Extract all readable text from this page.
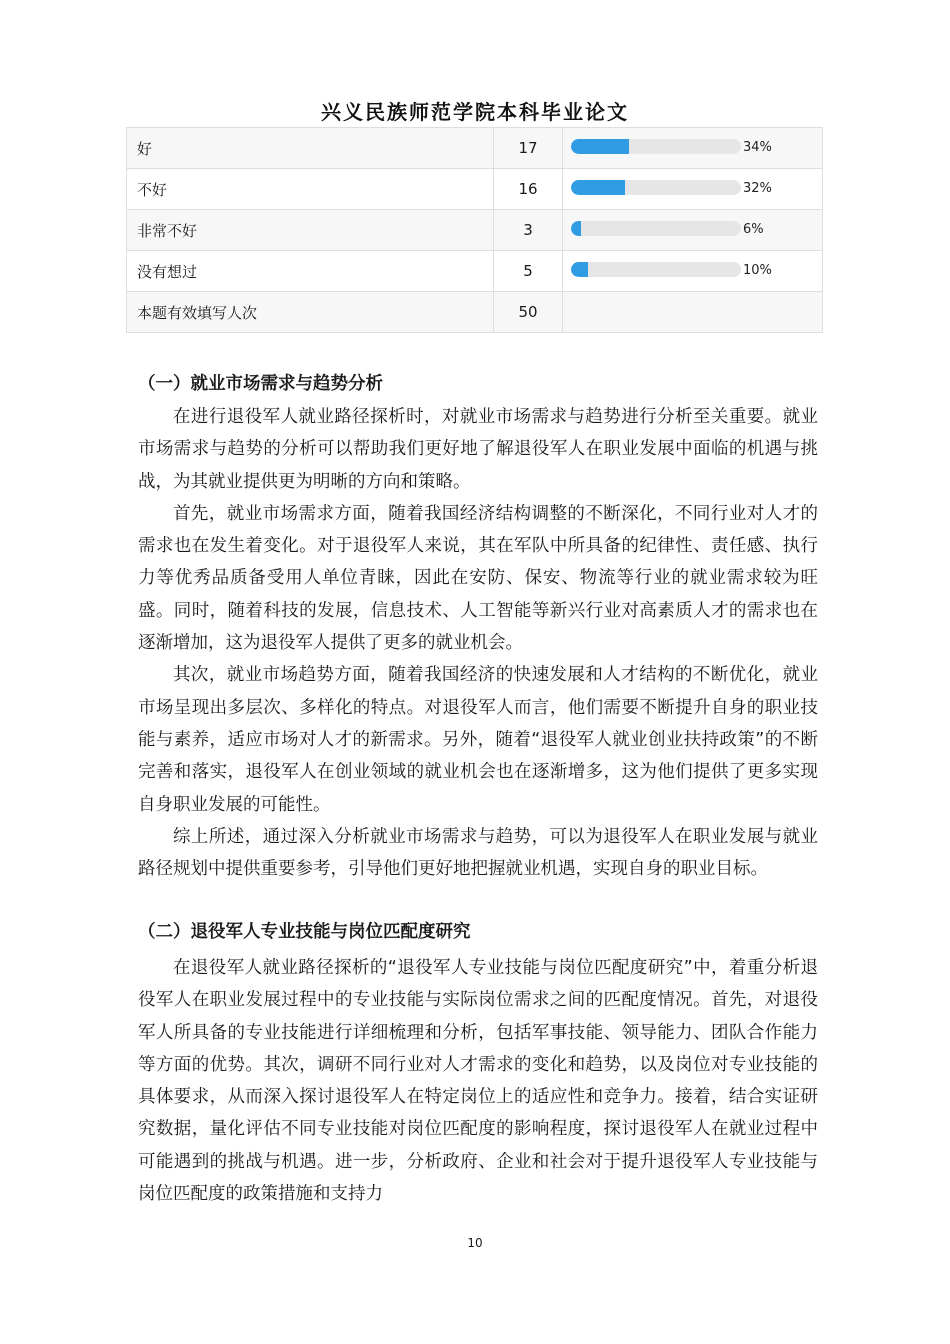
兴义民族师范学院本科毕业论文
好	17	34%

不好	16	32%

非常不好	3	6%

没有想过	5	10%

本题有效填写人次	50	
（一）就业市场需求与趋势分析

在进行退役军人就业路径探析时，对就业市场需求与趋势进行分析至关重要。就业市场需求与趋势的分析可以帮助我们更好地了解退役军人在职业发展中面临的机遇与挑战，为其就业提供更为明晰的方向和策略。

首先，就业市场需求方面，随着我国经济结构调整的不断深化，不同行业对人才的需求也在发生着变化。对于退役军人来说，其在军队中所具备的纪律性、责任感、执行力等优秀品质备受用人单位青睐，因此在安防、保安、物流等行业的就业需求较为旺盛。同时，随着科技的发展，信息技术、人工智能等新兴行业对高素质人才的需求也在逐渐增加，这为退役军人提供了更多的就业机会。

其次，就业市场趋势方面，随着我国经济的快速发展和人才结构的不断优化，就业市场呈现出多层次、多样化的特点。对退役军人而言，他们需要不断提升自身的职业技能与素养，适应市场对人才的新需求。另外，随着“退役军人就业创业扶持政策”的不断完善和落实，退役军人在创业领域的就业机会也在逐渐增多，这为他们提供了更多实现自身职业发展的可能性。

综上所述，通过深入分析就业市场需求与趋势，可以为退役军人在职业发展与就业路径规划中提供重要参考，引导他们更好地把握就业机遇，实现自身的职业目标。

（二）退役军人专业技能与岗位匹配度研究

在退役军人就业路径探析的“退役军人专业技能与岗位匹配度研究”中，着重分析退役军人在职业发展过程中的专业技能与实际岗位需求之间的匹配度情况。首先，对退役军人所具备的专业技能进行详细梳理和分析，包括军事技能、领导能力、团队合作能力等方面的优势。其次，调研不同行业对人才需求的变化和趋势，以及岗位对专业技能的具体要求，从而深入探讨退役军人在特定岗位上的适应性和竞争力。接着，结合实证研究数据，量化评估不同专业技能对岗位匹配度的影响程度，探讨退役军人在就业过程中可能遇到的挑战与机遇。进一步，分析政府、企业和社会对于提升退役军人专业技能与岗位匹配度的政策措施和支持力

10
